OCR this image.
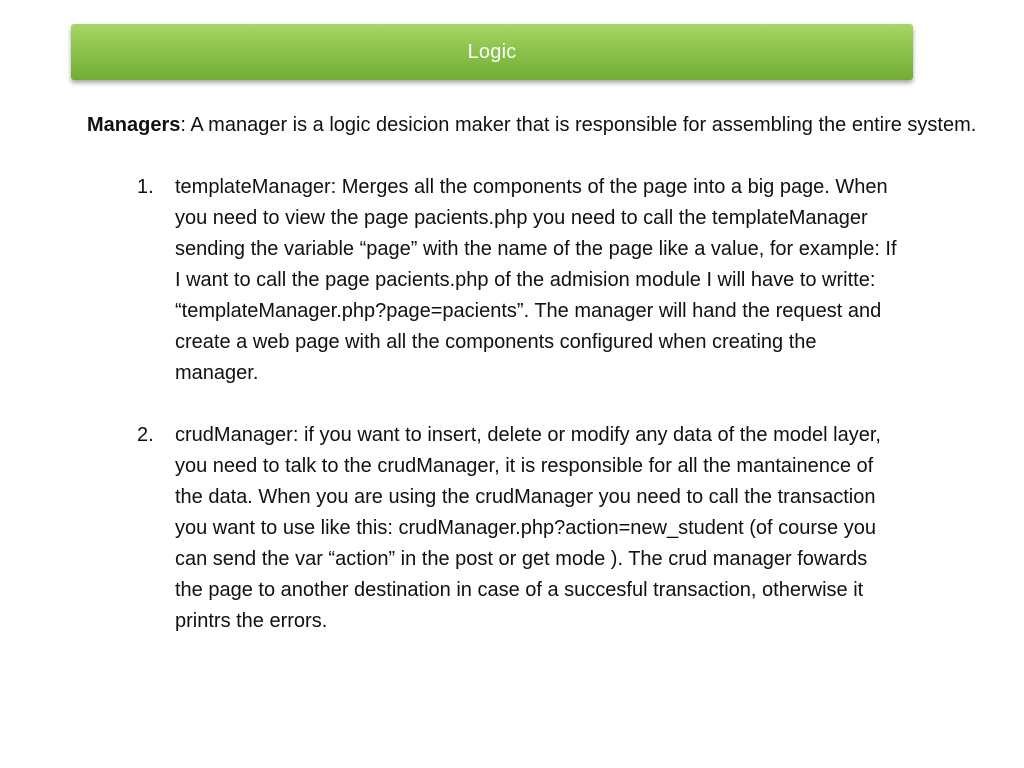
Logic

Managers: A manager is a logic desicion maker that is responsible for assembling the entire system.

1. templateManager: Merges all the components of the page into a big page. When you need to view the page pacients.php you need to call the templateManager sending the variable “page” with the name of the page like a value, for example: If I want to call the page pacients.php of the admision module I will have to writte: “templateManager.php?page=pacients”. The manager will hand the request and create a web page with all the components configured when creating the manager.
2. crudManager: if you want to insert, delete or modify any data of the model layer, you need to talk to the crudManager, it is responsible for all the mantainence of the data. When you are using the crudManager you need to call the transaction you want to use like this: crudManager.php?action=new_student (of course you can send the var “action” in the post or get mode ). The crud manager fowards the page to another destination in case of a succesful transaction, otherwise it printrs the errors.
